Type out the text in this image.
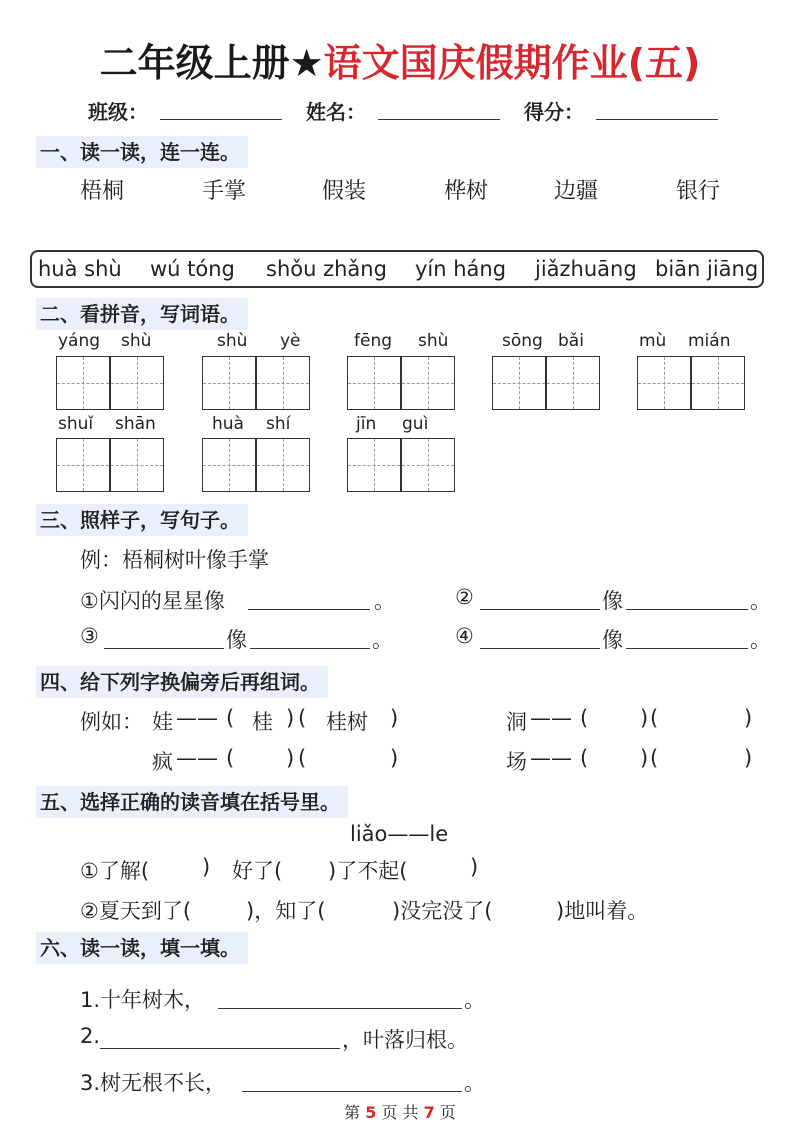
二年级上册★语文国庆假期作业(五)
班级：	姓名：	得分：
一、读一读，连一连。
梧桐	手掌	假装	桦树	边疆	银行
huà shù wú tóng shǒu zhǎng yín háng jiǎzhuāng biān jiāng
二、看拼音，写词语。
yáng shù	shù yè	fēng shù	sōng bǎi	mù mián
shuǐ shān	huà shí	jīn guì
三、照样子，写句子。
例：梧桐树叶像手掌
①闪闪的星星像	。	②	像	。
③	像	。	④	像	。
四、给下列字换偏旁后再组词。
例如： 娃 —— ( 桂 ) ( 桂树 )	洞 —— ( ) (	)
疯 —— ( ) (	)	场 —— ( ) (	)
五、选择正确的读音填在括号里。
liǎo——le
①了解(	) 好了( )了不起(	)
②夏天到了(	)，知了(	)没完没了(	)地叫着。
六、读一读，填一填。
1.十年树木，	。
2.	，叶落归根。
3.树无根不长，	。
第 5 页 共 7 页
